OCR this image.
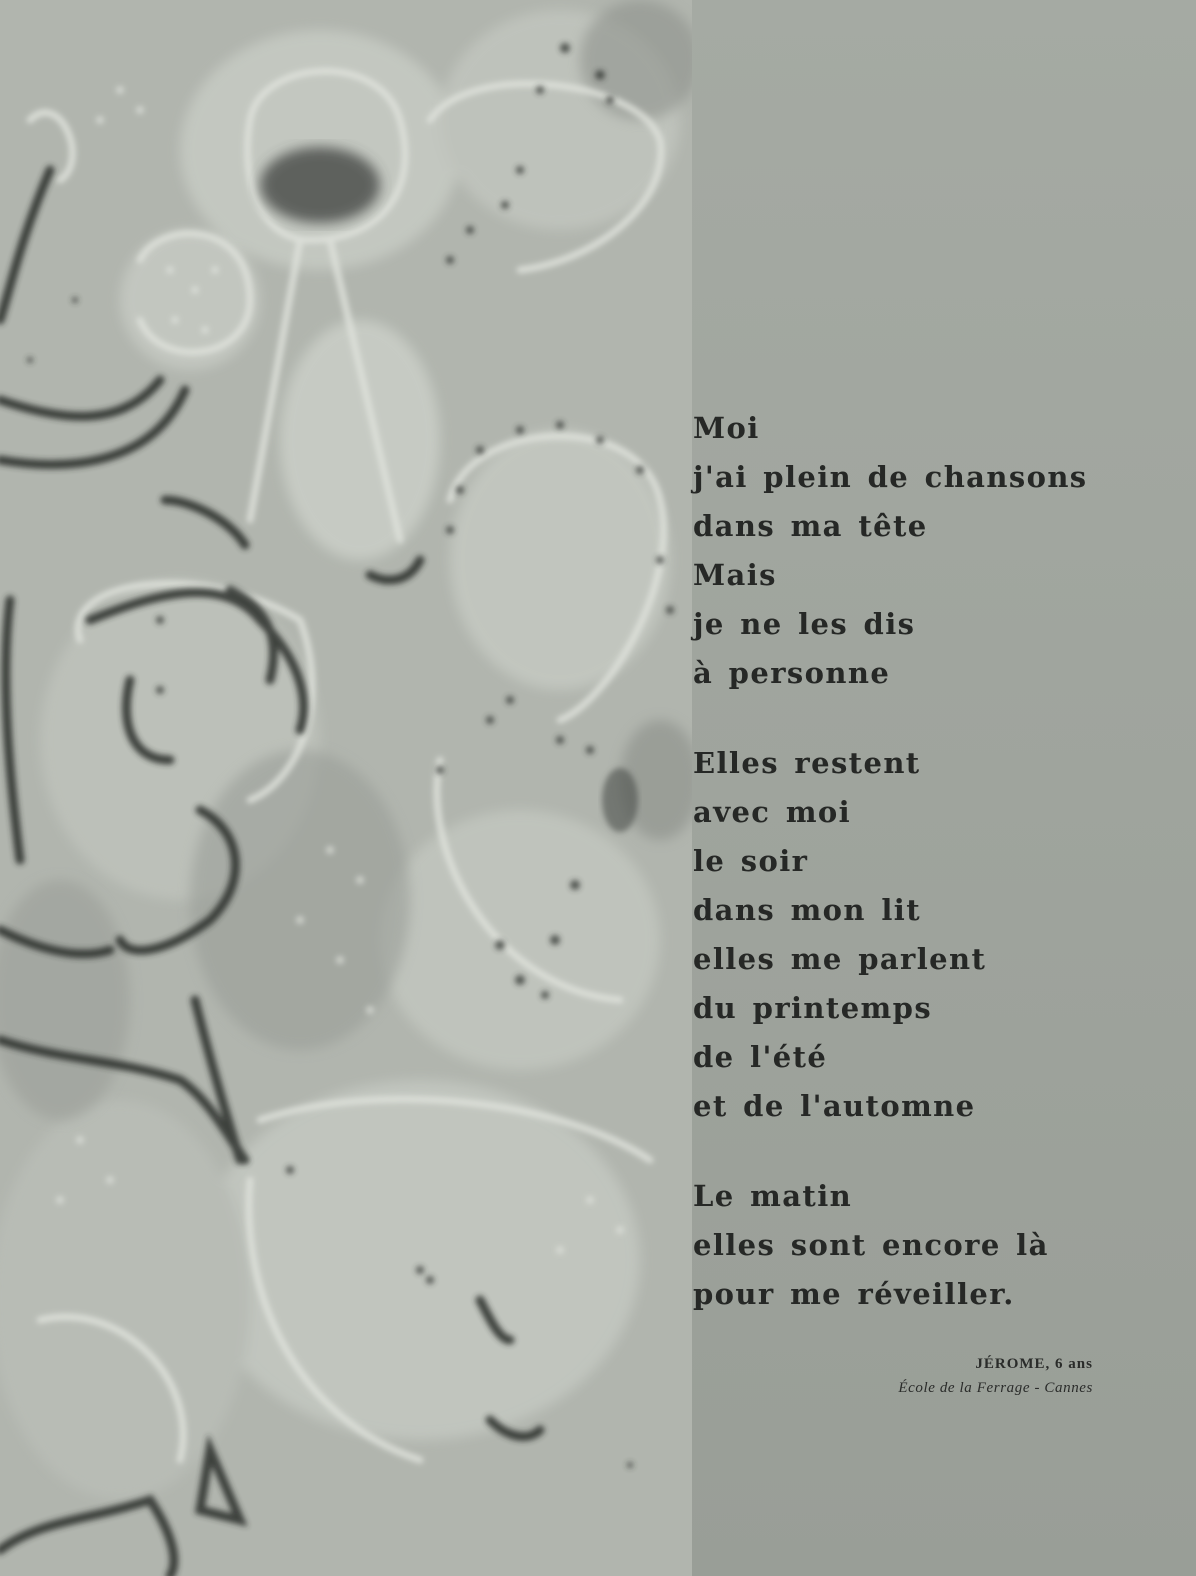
Moi
j'ai plein de chansons
dans ma tête
Mais
je ne les dis
à personne
Elles restent
avec moi
le soir
dans mon lit
elles me parlent
du printemps
de l'été
et de l'automne
Le matin
elles sont encore là
pour me réveiller.
JÉROME, 6 ans
École de la Ferrage - Cannes
